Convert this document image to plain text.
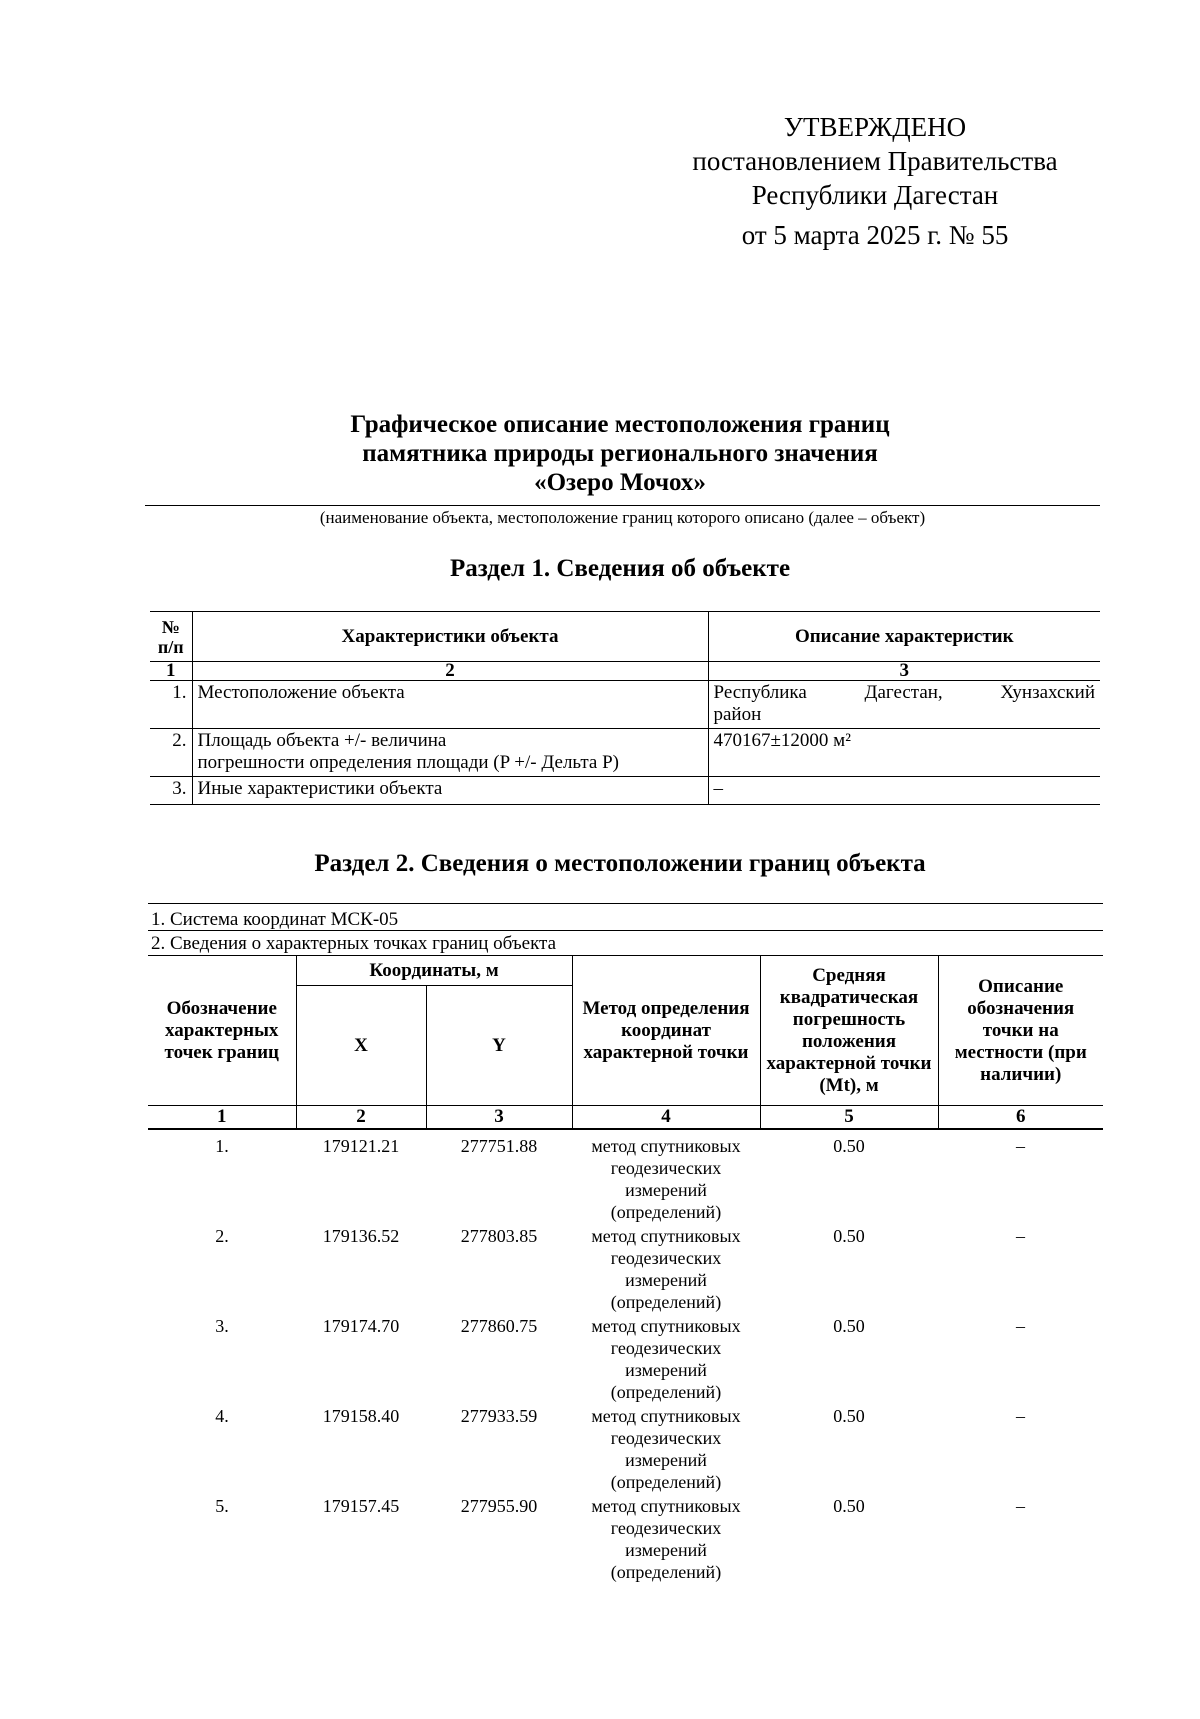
УТВЕРЖДЕНО
постановлением Правительства
Республики Дагестан
от 5 марта 2025 г. № 55
Графическое описание местоположения границ
памятника природы регионального значения
«Озеро Мочох»
(наименование объекта, местоположение границ которого описано (далее – объект)
Раздел 1. Сведения об объекте
№ п/п	Характеристики объекта	Описание характеристик
1	2	3
1.	Местоположение объекта	Республика Дагестан, Хунзахский
район

2.	Площадь объекта +/- величина
погрешности определения площади (P +/- Дельта P)	470167±12000 м²
3.	Иные характеристики объекта	–
Раздел 2. Сведения о местоположении границ объекта
1. Система координат МСК-05
2. Сведения о характерных точках границ объекта
Обозначение характерных точек границ	Координаты, м		Метод определения координат характерной точки	Средняя квадратическая погрешность положения характерной точки (Mt), м	Описание обозначения точки на местности (при наличии)
	X	Y			
1	2	3	4	5	6
1.	179121.21	277751.88	метод спутниковых
геодезических
измерений
(определений)	0.50	–
2.	179136.52	277803.85	метод спутниковых
геодезических
измерений
(определений)	0.50	–
3.	179174.70	277860.75	метод спутниковых
геодезических
измерений
(определений)	0.50	–
4.	179158.40	277933.59	метод спутниковых
геодезических
измерений
(определений)	0.50	–
5.	179157.45	277955.90	метод спутниковых
геодезических
измерений
(определений)	0.50	–
